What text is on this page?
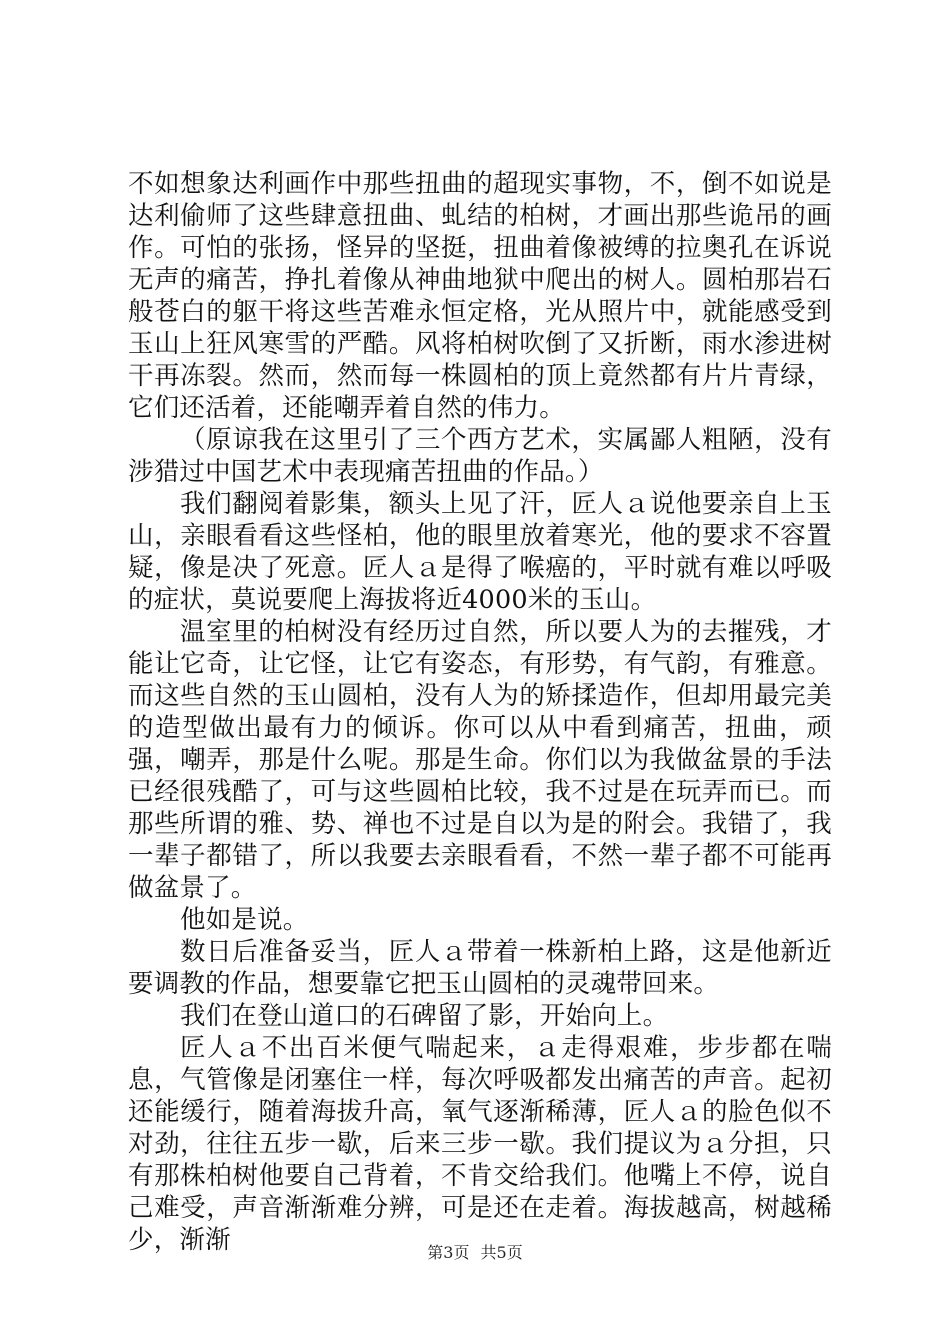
不如想象达利画作中那些扭曲的超现实事物，不，倒不如说是达利偷师了这些肆意扭曲、虬结的柏树，才画出那些诡吊的画作。可怕的张扬，怪异的坚挺，扭曲着像被缚的拉奥孔在诉说无声的痛苦，挣扎着像从神曲地狱中爬出的树人。圆柏那岩石般苍白的躯干将这些苦难永恒定格，光从照片中，就能感受到玉山上狂风寒雪的严酷。风将柏树吹倒了又折断，雨水渗进树干再冻裂。然而，然而每一株圆柏的顶上竟然都有片片青绿，它们还活着，还能嘲弄着自然的伟力。

（原谅我在这里引了三个西方艺术，实属鄙人粗陋，没有涉猎过中国艺术中表现痛苦扭曲的作品。）

我们翻阅着影集，额头上见了汗，匠人ａ说他要亲自上玉山，亲眼看看这些怪柏，他的眼里放着寒光，他的要求不容置疑，像是决了死意。匠人ａ是得了喉癌的，平时就有难以呼吸的症状，莫说要爬上海拔将近4000米的玉山。

温室里的柏树没有经历过自然，所以要人为的去摧残，才能让它奇，让它怪，让它有姿态，有形势，有气韵，有雅意。而这些自然的玉山圆柏，没有人为的矫揉造作，但却用最完美的造型做出最有力的倾诉。你可以从中看到痛苦，扭曲，顽强，嘲弄，那是什么呢。那是生命。你们以为我做盆景的手法已经很残酷了，可与这些圆柏比较，我不过是在玩弄而已。而那些所谓的雅、势、禅也不过是自以为是的附会。我错了，我一辈子都错了，所以我要去亲眼看看，不然一辈子都不可能再做盆景了。

他如是说。

数日后准备妥当，匠人ａ带着一株新柏上路，这是他新近要调教的作品，想要靠它把玉山圆柏的灵魂带回来。

我们在登山道口的石碑留了影，开始向上。

匠人ａ不出百米便气喘起来，ａ走得艰难，步步都在喘息，气管像是闭塞住一样，每次呼吸都发出痛苦的声音。起初还能缓行，随着海拔升高，氧气逐渐稀薄，匠人ａ的脸色似不对劲，往往五步一歇，后来三步一歇。我们提议为ａ分担，只有那株柏树他要自己背着，不肯交给我们。他嘴上不停，说自己难受，声音渐渐难分辨，可是还在走着。海拔越高，树越稀少，渐渐	第3页 共5页
